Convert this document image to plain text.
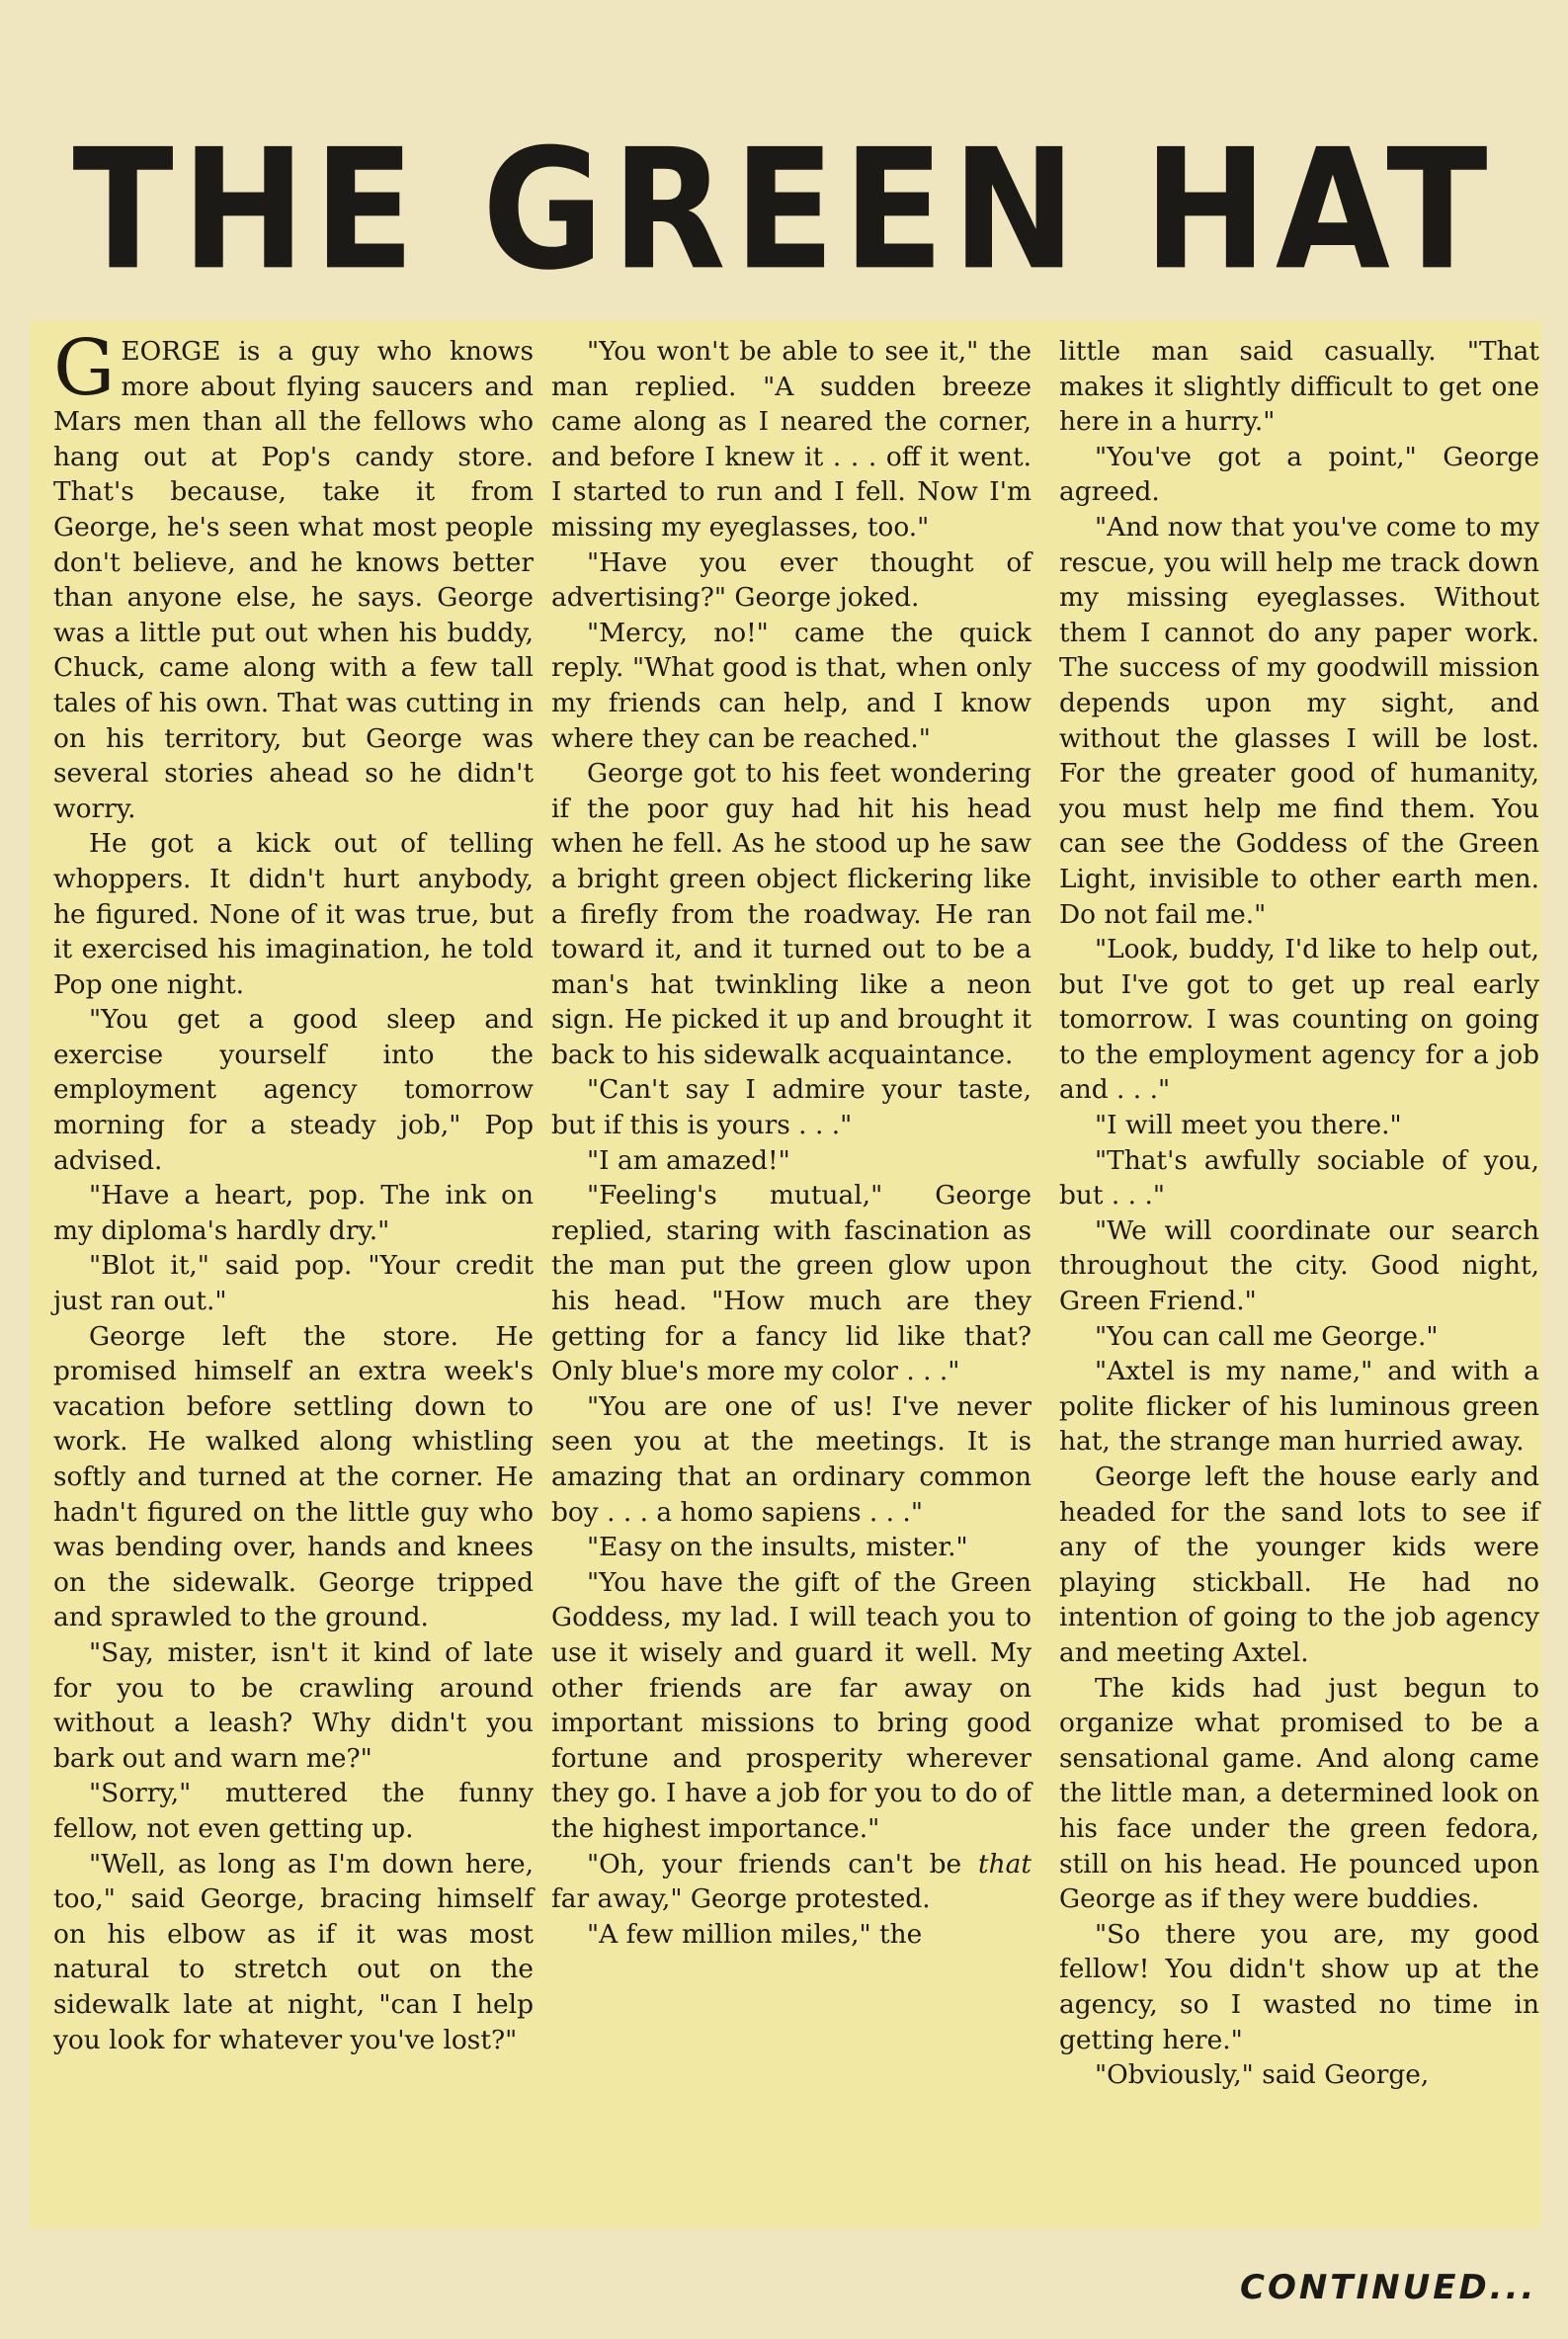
THE GREEN HAT

GEORGE is a guy who knows more about flying saucers and Mars men than all the fellows who hang out at Pop's candy store. That's because, take it from George, he's seen what most people don't believe, and he knows better than anyone else, he says. George was a little put out when his buddy, Chuck, came along with a few tall tales of his own. That was cutting in on his territory, but George was several stories ahead so he didn't worry.

He got a kick out of telling whoppers. It didn't hurt anybody, he figured. None of it was true, but it exercised his imagination, he told Pop one night.

"You get a good sleep and exercise yourself into the employment agency tomorrow morning for a steady job," Pop advised.

"Have a heart, pop. The ink on my diploma's hardly dry."

"Blot it," said pop. "Your credit just ran out."

George left the store. He promised himself an extra week's vacation before settling down to work. He walked along whistling softly and turned at the corner. He hadn't figured on the little guy who was bending over, hands and knees on the sidewalk. George tripped and sprawled to the ground.

"Say, mister, isn't it kind of late for you to be crawling around without a leash? Why didn't you bark out and warn me?"

"Sorry," muttered the funny fellow, not even getting up.

"Well, as long as I'm down here, too," said George, bracing himself on his elbow as if it was most natural to stretch out on the sidewalk late at night, "can I help you look for whatever you've lost?"

"You won't be able to see it," the man replied. "A sudden breeze came along as I neared the corner, and before I knew it . . . off it went. I started to run and I fell. Now I'm missing my eyeglasses, too."

"Have you ever thought of advertising?" George joked.

"Mercy, no!" came the quick reply. "What good is that, when only my friends can help, and I know where they can be reached."

George got to his feet wondering if the poor guy had hit his head when he fell. As he stood up he saw a bright green object flickering like a firefly from the roadway. He ran toward it, and it turned out to be a man's hat twinkling like a neon sign. He picked it up and brought it back to his sidewalk acquaintance.

"Can't say I admire your taste, but if this is yours . . ."

"I am amazed!"

"Feeling's mutual," George replied, staring with fascination as the man put the green glow upon his head. "How much are they getting for a fancy lid like that? Only blue's more my color . . ."

"You are one of us! I've never seen you at the meetings. It is amazing that an ordinary common boy . . . a homo sapiens . . ."

"Easy on the insults, mister."

"You have the gift of the Green Goddess, my lad. I will teach you to use it wisely and guard it well. My other friends are far away on important missions to bring good fortune and prosperity wherever they go. I have a job for you to do of the highest importance."

"Oh, your friends can't be that far away," George protested.

"A few million miles," the

little man said casually. "That makes it slightly difficult to get one here in a hurry."

"You've got a point," George agreed.

"And now that you've come to my rescue, you will help me track down my missing eyeglasses. Without them I cannot do any paper work. The success of my goodwill mission depends upon my sight, and without the glasses I will be lost. For the greater good of humanity, you must help me find them. You can see the Goddess of the Green Light, invisible to other earth men. Do not fail me."

"Look, buddy, I'd like to help out, but I've got to get up real early tomorrow. I was counting on going to the employment agency for a job and . . ."

"I will meet you there."

"That's awfully sociable of you, but . . ."

"We will coordinate our search throughout the city. Good night, Green Friend."

"You can call me George."

"Axtel is my name," and with a polite flicker of his luminous green hat, the strange man hurried away.

George left the house early and headed for the sand lots to see if any of the younger kids were playing stickball. He had no intention of going to the job agency and meeting Axtel.

The kids had just begun to organize what promised to be a sensational game. And along came the little man, a determined look on his face under the green fedora, still on his head. He pounced upon George as if they were buddies.

"So there you are, my good fellow! You didn't show up at the agency, so I wasted no time in getting here."

"Obviously," said George,

CONTINUED...
